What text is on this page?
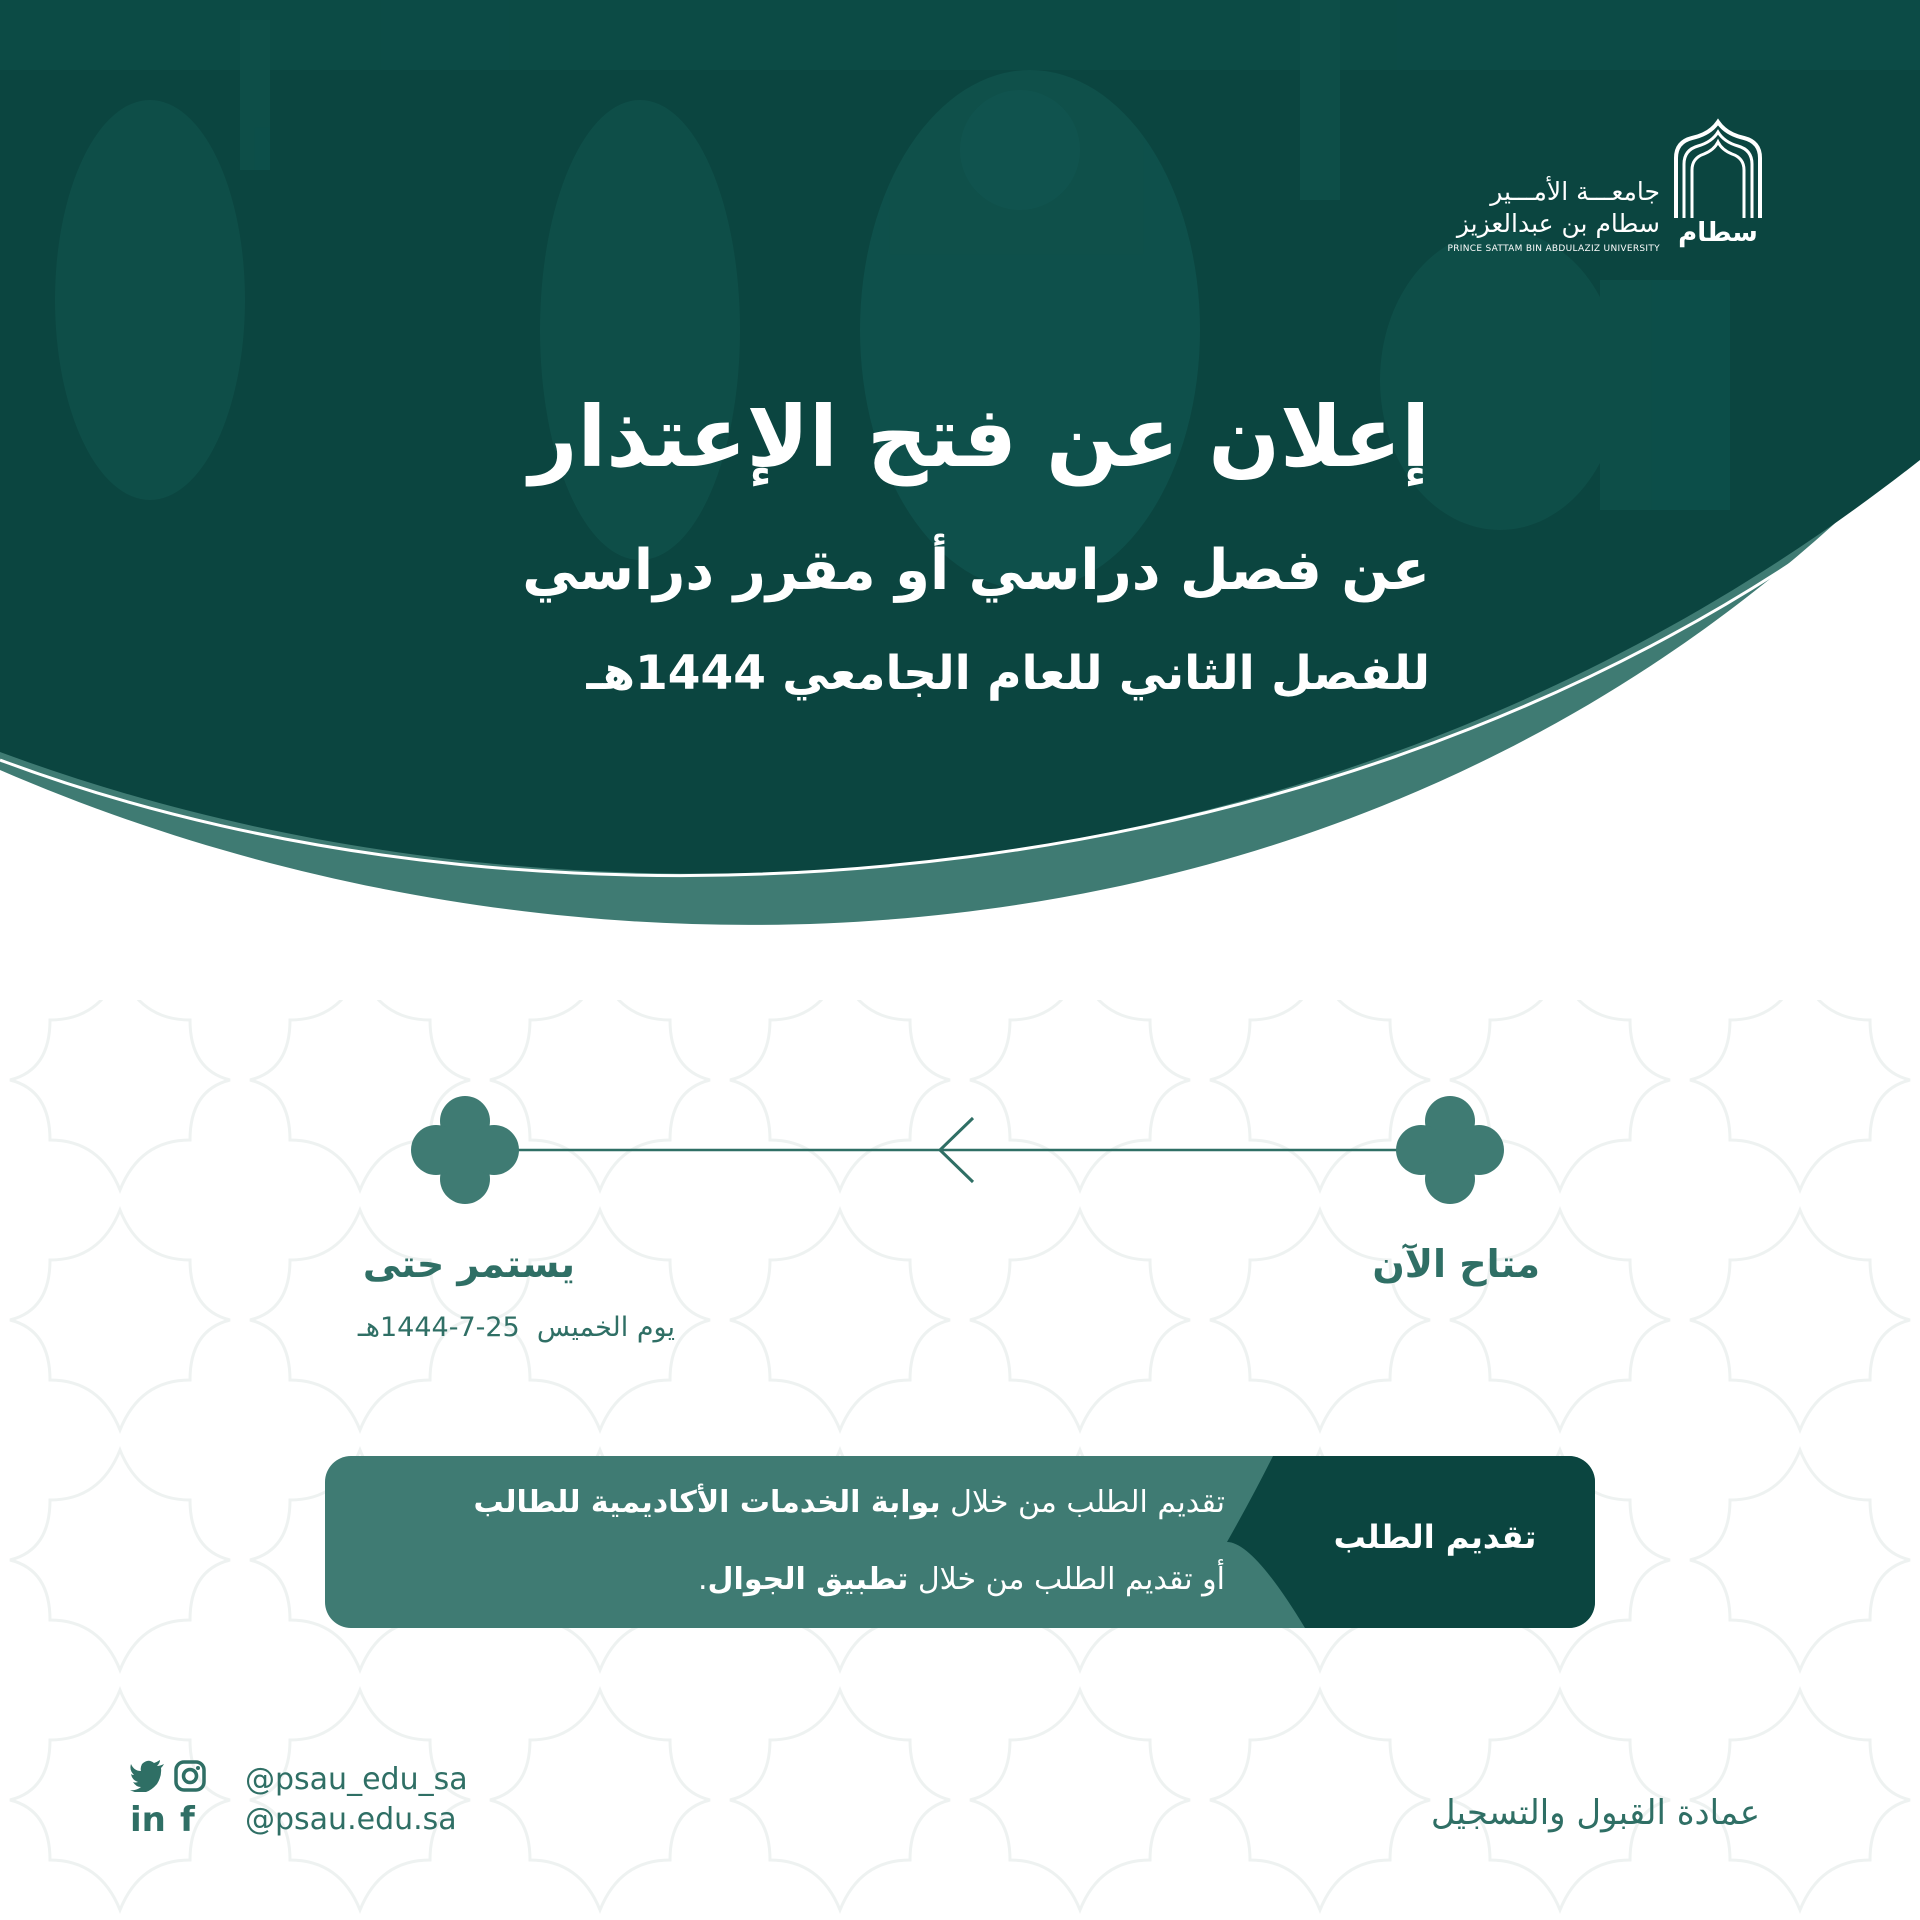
سطام
جامعـــة الأمـــير
سطام بن عبدالعزيز
PRINCE SATTAM BIN ABDULAZIZ UNIVERSITY
إعلان عن فتح الإعتذار
عن فصل دراسي أو مقرر دراسي
للفصل الثاني للعام الجامعي 1444هـ
متاح الآن
يستمر حتى
يوم الخميس  25-7-1444هـ
تقديم الطلب
تقديم الطلب من خلال بوابة الخدمات الأكاديمية للطالب
أو تقديم الطلب من خلال تطبيق الجوال.
in f
@psau_edu_sa
@psau.edu.sa	عمادة القبول والتسجيل
